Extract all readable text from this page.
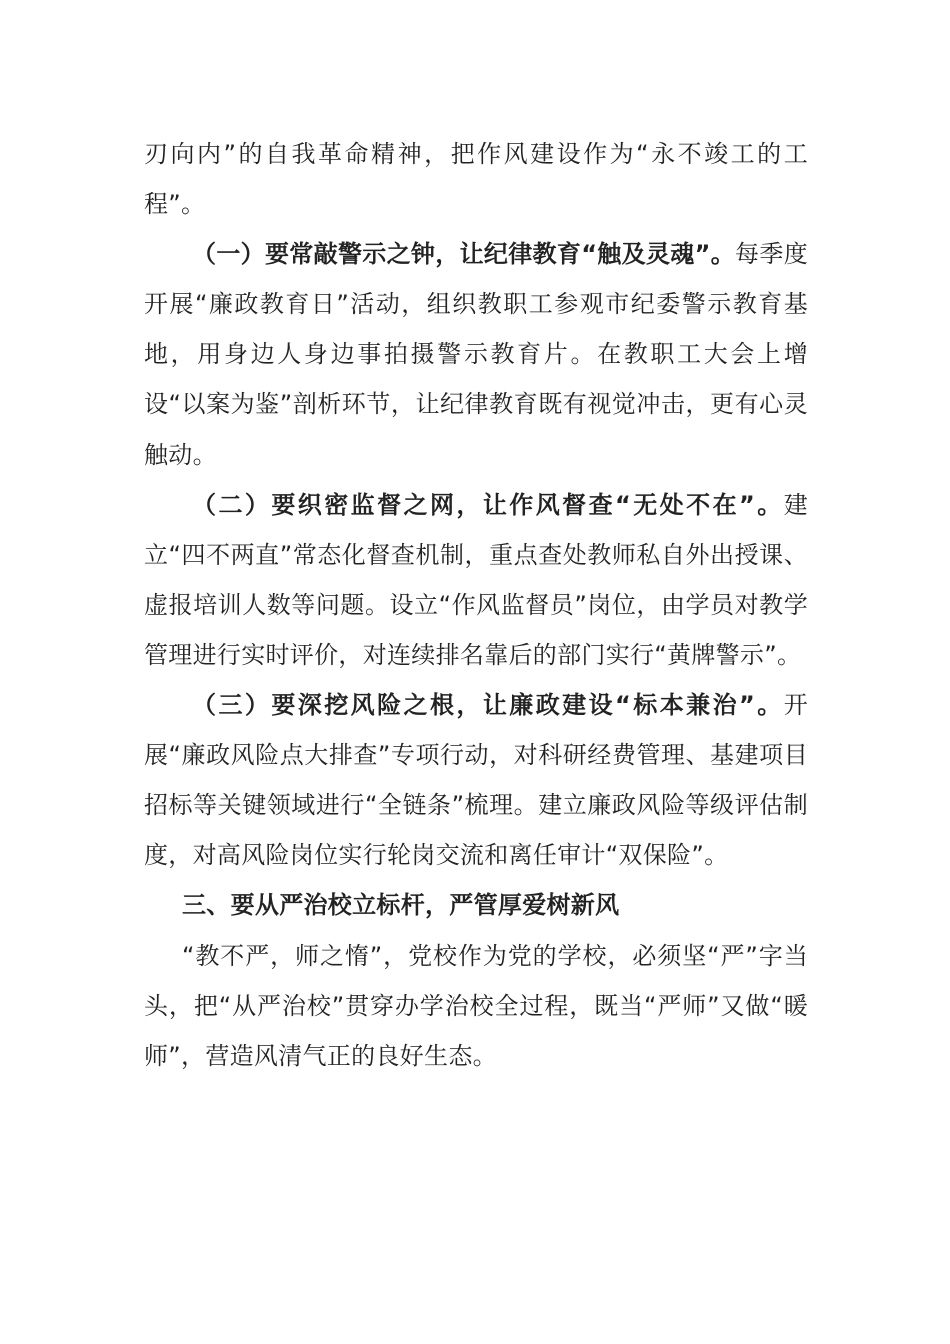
刃向内”的自我革命精神，把作风建设作为“永不竣工的工程”。

（一）要常敲警示之钟，让纪律教育“触及灵魂”。每季度开展“廉政教育日”活动，组织教职工参观市纪委警示教育基地，用身边人身边事拍摄警示教育片。在教职工大会上增设“以案为鉴”剖析环节，让纪律教育既有视觉冲击，更有心灵触动。

（二）要织密监督之网，让作风督查“无处不在”。建立“四不两直”常态化督查机制，重点查处教师私自外出授课、虚报培训人数等问题。设立“作风监督员”岗位，由学员对教学管理进行实时评价，对连续排名靠后的部门实行“黄牌警示”。

（三）要深挖风险之根，让廉政建设“标本兼治”。开展“廉政风险点大排查”专项行动，对科研经费管理、基建项目招标等关键领域进行“全链条”梳理。建立廉政风险等级评估制度，对高风险岗位实行轮岗交流和离任审计“双保险”。

三、要从严治校立标杆，严管厚爱树新风

“教不严，师之惰”，党校作为党的学校，必须坚“严”字当头，把“从严治校”贯穿办学治校全过程，既当“严师”又做“暖师”，营造风清气正的良好生态。
